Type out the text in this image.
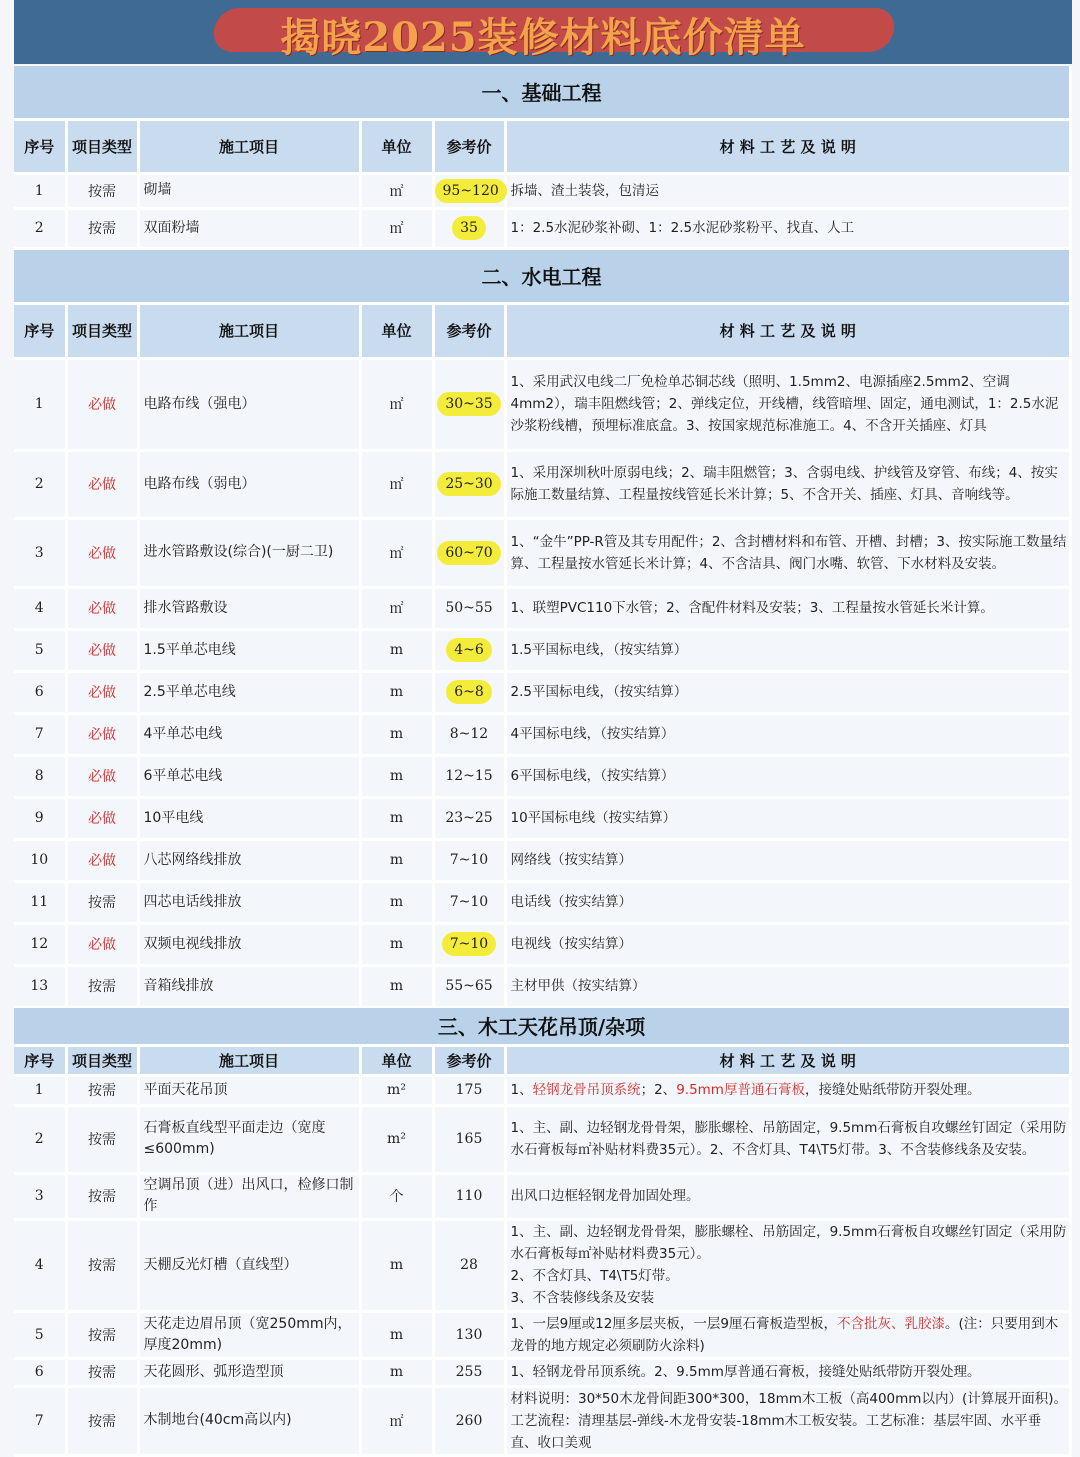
揭晓2025装修材料底价清单
一、基础工程					
序号	项目类型	施工项目	单位	参考价	材 料 工 艺 及 说 明
1	按需	砌墙	㎡	95~120	拆墙、渣土装袋，包清运
2	按需	双面粉墙	㎡	35	1：2.5水泥砂浆补砌、1：2.5水泥砂浆粉平、找直、人工
二、水电工程					
序号	项目类型	施工项目	单位	参考价	材 料 工 艺 及 说 明
1	必做	电路布线（强电）	㎡	30~35	1、采用武汉电线二厂免检单芯铜芯线（照明、1.5mm2、电源插座2.5mm2、空调4mm2），瑞丰阻燃线管；2、弹线定位，开线槽，线管暗埋、固定，通电测试，1：2.5水泥沙浆粉线槽，预埋标准底盒。3、按国家规范标准施工。4、不含开关插座、灯具
2	必做	电路布线（弱电）	㎡	25~30	1、采用深圳秋叶原弱电线；2、瑞丰阻燃管；3、含弱电线、护线管及穿管、布线；4、按实际施工数量结算、工程量按线管延长米计算；5、不含开关、插座、灯具、音响线等。
3	必做	进水管路敷设(综合)(一厨二卫)	㎡	60~70	1、“金牛”PP-R管及其专用配件；2、含封槽材料和布管、开槽、封槽；3、按实际施工数量结算、工程量按水管延长米计算；4、不含洁具、阀门水嘴、软管、下水材料及安装。
4	必做	排水管路敷设	㎡	50~55	1、联塑PVC110下水管；2、含配件材料及安装；3、工程量按水管延长米计算。
5	必做	1.5平单芯电线	m	4~6	1.5平国标电线，（按实结算）
6	必做	2.5平单芯电线	m	6~8	2.5平国标电线，（按实结算）
7	必做	4平单芯电线	m	8~12	4平国标电线，（按实结算）
8	必做	6平单芯电线	m	12~15	6平国标电线，（按实结算）
9	必做	10平电线	m	23~25	10平国标电线（按实结算）
10	必做	八芯网络线排放	m	7~10	网络线（按实结算）
11	按需	四芯电话线排放	m	7~10	电话线（按实结算）
12	必做	双频电视线排放	m	7~10	电视线（按实结算）
13	按需	音箱线排放	m	55~65	主材甲供（按实结算）
三、木工天花吊顶/杂项					
序号	项目类型	施工项目	单位	参考价	材 料 工 艺 及 说 明
1	按需	平面天花吊顶	m²	175	1、轻钢龙骨吊顶系统；2、9.5mm厚普通石膏板，接缝处贴纸带防开裂处理。
2	按需	石膏板直线型平面走边（宽度≤600mm)	m²	165	1、主、副、边轻钢龙骨骨架，膨胀螺栓、吊筋固定，9.5mm石膏板自攻螺丝钉固定（采用防水石膏板每㎡补贴材料费35元）。2、不含灯具、T4\T5灯带。3、不含装修线条及安装。
3	按需	空调吊顶（进）出风口，检修口制作	个	110	出风口边框轻钢龙骨加固处理。
4	按需	天棚反光灯槽（直线型）	m	28	1、主、副、边轻钢龙骨骨架，膨胀螺栓、吊筋固定，9.5mm石膏板自攻螺丝钉固定（采用防水石膏板每㎡补贴材料费35元）。
2、不含灯具、T4\T5灯带。
3、不含装修线条及安装

5	按需	天花走边眉吊顶（宽250mm内，厚度20mm)	m	130	1、一层9厘或12厘多层夹板，一层9厘石膏板造型板，不含批灰、乳胶漆。(注：只要用到木龙骨的地方规定必须刷防火涂料)
6	按需	天花圆形、弧形造型顶	m	255	1、轻钢龙骨吊顶系统。2、9.5mm厚普通石膏板，接缝处贴纸带防开裂处理。
7	按需	木制地台(40cm高以内)	㎡	260	材料说明：30*50木龙骨间距300*300，18mm木工板（高400mm以内）(计算展开面积)。工艺流程：清理基层-弹线-木龙骨安装-18mm木工板安装。工艺标准：基层牢固、水平垂直、收口美观
